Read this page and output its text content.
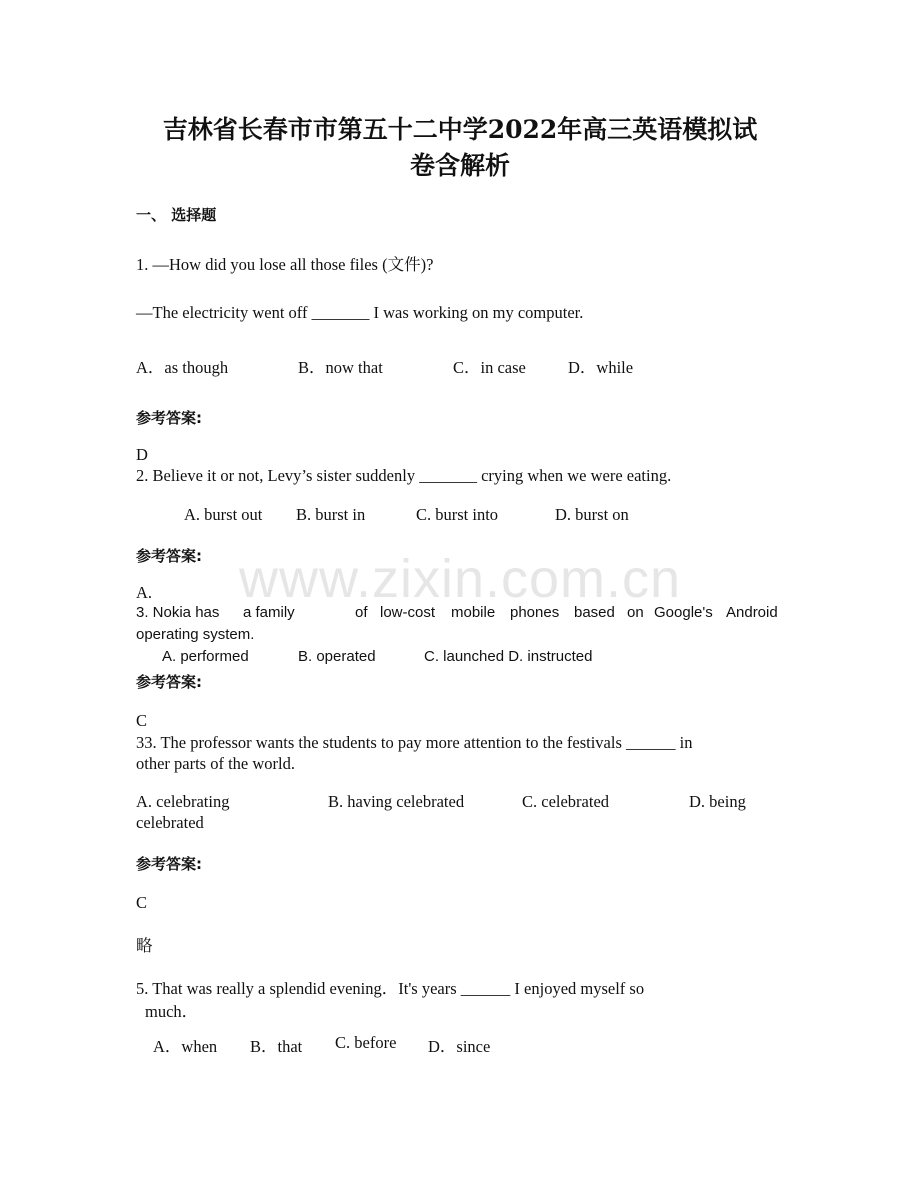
吉林省长春市市第五十二中学2022年高三英语模拟试
卷含解析
一、 选择题
1. —How did you lose all those files (文件)?
—The electricity went off _______ I was working on my computer.
A．as though	B．now that	C．in case	D．while
参考答案:
D
2. Believe it or not, Levy’s sister suddenly _______ crying when we were eating.
A. burst out B. burst in	C. burst into	D. burst on
参考答案: www.zixin.com.cn
A.
3. Nokia has a family	of low-cost mobile phones based on Google's Android
operating system.
A. performed	B. operated	C. launched D. instructed
参考答案:
C
33. The professor wants the students to pay more attention to the festivals ______ in
other parts of the world.
A. celebrating	B. having celebrated	C. celebrated	D. being
celebrated
参考答案:
C
略
5. That was really a splendid evening．It's years ______ I enjoyed myself so
much．
A．when B．that C. before D．since
